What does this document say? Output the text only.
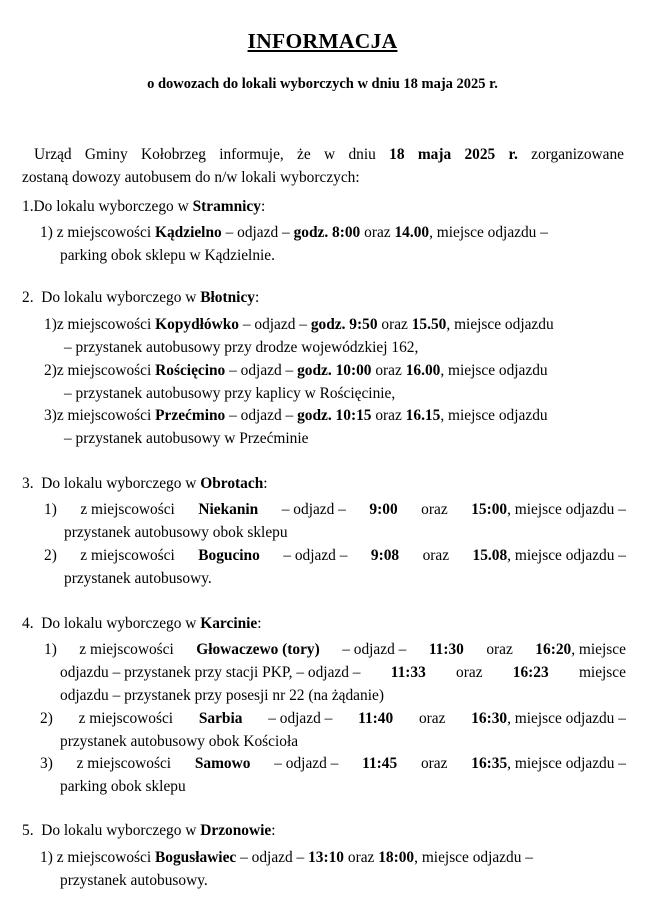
INFORMACJA
o dowozach do lokali wyborczych w dniu 18 maja 2025 r.
Urząd Gminy Kołobrzeg informuje, że w dniu 18 maja 2025 r. zorganizowane
zostaną dowozy autobusem do n/w lokali wyborczych:
1.Do lokalu wyborczego w Stramnicy:
1) z miejscowości Kądzielno – odjazd – godz. 8:00 oraz 14.00, miejsce odjazdu –
parking obok sklepu w Kądzielnie.
2. Do lokalu wyborczego w Błotnicy:
1)z miejscowości Kopydłówko – odjazd – godz. 9:50 oraz 15.50, miejsce odjazdu
– przystanek autobusowy przy drodze wojewódzkiej 162,
2)z miejscowości Rościęcino – odjazd – godz. 10:00 oraz 16.00, miejsce odjazdu
– przystanek autobusowy przy kaplicy w Rościęcinie,
3)z miejscowości Przećmino – odjazd – godz. 10:15 oraz 16.15, miejsce odjazdu
– przystanek autobusowy w Przećminie
3. Do lokalu wyborczego w Obrotach:
1) z miejscowości Niekanin – odjazd – 9:00 oraz 15:00, miejsce odjazdu –
przystanek autobusowy obok sklepu
2) z miejscowości Bogucino – odjazd – 9:08 oraz 15.08, miejsce odjazdu –
przystanek autobusowy.
4. Do lokalu wyborczego w Karcinie:
1) z miejscowości Głowaczewo (tory) – odjazd – 11:30 oraz 16:20, miejsce
odjazdu – przystanek przy stacji PKP, – odjazd – 11:33 oraz 16:23 miejsce
odjazdu – przystanek przy posesji nr 22 (na żądanie)
2) z miejscowości Sarbia – odjazd – 11:40 oraz 16:30, miejsce odjazdu –
przystanek autobusowy obok Kościoła
3) z miejscowości Samowo – odjazd – 11:45 oraz 16:35, miejsce odjazdu –
parking obok sklepu
5. Do lokalu wyborczego w Drzonowie:
1) z miejscowości Bogusławiec – odjazd – 13:10 oraz 18:00, miejsce odjazdu –
przystanek autobusowy.
